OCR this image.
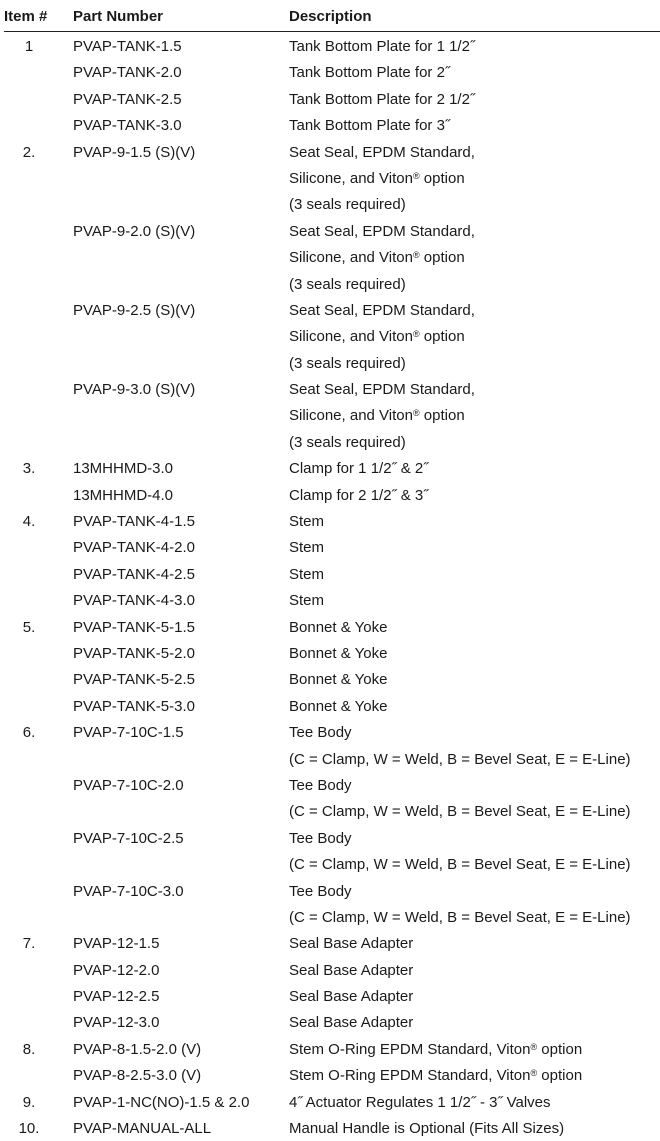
Item # Part Number	Description
1	PVAP-TANK-1.5	Tank Bottom Plate for 1 1/2˝
PVAP-TANK-2.0	Tank Bottom Plate for 2˝
PVAP-TANK-2.5	Tank Bottom Plate for 2 1/2˝
PVAP-TANK-3.0	Tank Bottom Plate for 3˝
2.	PVAP-9-1.5 (S)(V)	Seat Seal, EPDM Standard,
Silicone, and Viton® option
(3 seals required)
PVAP-9-2.0 (S)(V)	Seat Seal, EPDM Standard,
Silicone, and Viton® option
(3 seals required)
PVAP-9-2.5 (S)(V)	Seat Seal, EPDM Standard,
Silicone, and Viton® option
(3 seals required)
PVAP-9-3.0 (S)(V)	Seat Seal, EPDM Standard,
Silicone, and Viton® option
(3 seals required)
3.	13MHHMD-3.0	Clamp for 1 1/2˝ & 2˝
13MHHMD-4.0	Clamp for 2 1/2˝ & 3˝
4.	PVAP-TANK-4-1.5	Stem
PVAP-TANK-4-2.0	Stem
PVAP-TANK-4-2.5	Stem
PVAP-TANK-4-3.0	Stem
5.	PVAP-TANK-5-1.5	Bonnet & Yoke
PVAP-TANK-5-2.0	Bonnet & Yoke
PVAP-TANK-5-2.5	Bonnet & Yoke
PVAP-TANK-5-3.0	Bonnet & Yoke
6.	PVAP-7-10C-1.5	Tee Body
(C = Clamp, W = Weld, B = Bevel Seat, E = E-Line)
PVAP-7-10C-2.0	Tee Body
(C = Clamp, W = Weld, B = Bevel Seat, E = E-Line)
PVAP-7-10C-2.5	Tee Body
(C = Clamp, W = Weld, B = Bevel Seat, E = E-Line)
PVAP-7-10C-3.0	Tee Body
(C = Clamp, W = Weld, B = Bevel Seat, E = E-Line)
7.	PVAP-12-1.5	Seal Base Adapter
PVAP-12-2.0	Seal Base Adapter
PVAP-12-2.5	Seal Base Adapter
PVAP-12-3.0	Seal Base Adapter
8.	PVAP-8-1.5-2.0 (V)	Stem O-Ring EPDM Standard, Viton® option
PVAP-8-2.5-3.0 (V)	Stem O-Ring EPDM Standard, Viton® option
9.	PVAP-1-NC(NO)-1.5 & 2.0	4˝ Actuator Regulates 1 1/2˝ - 3˝ Valves
10.	PVAP-MANUAL-ALL	Manual Handle is Optional (Fits All Sizes)
